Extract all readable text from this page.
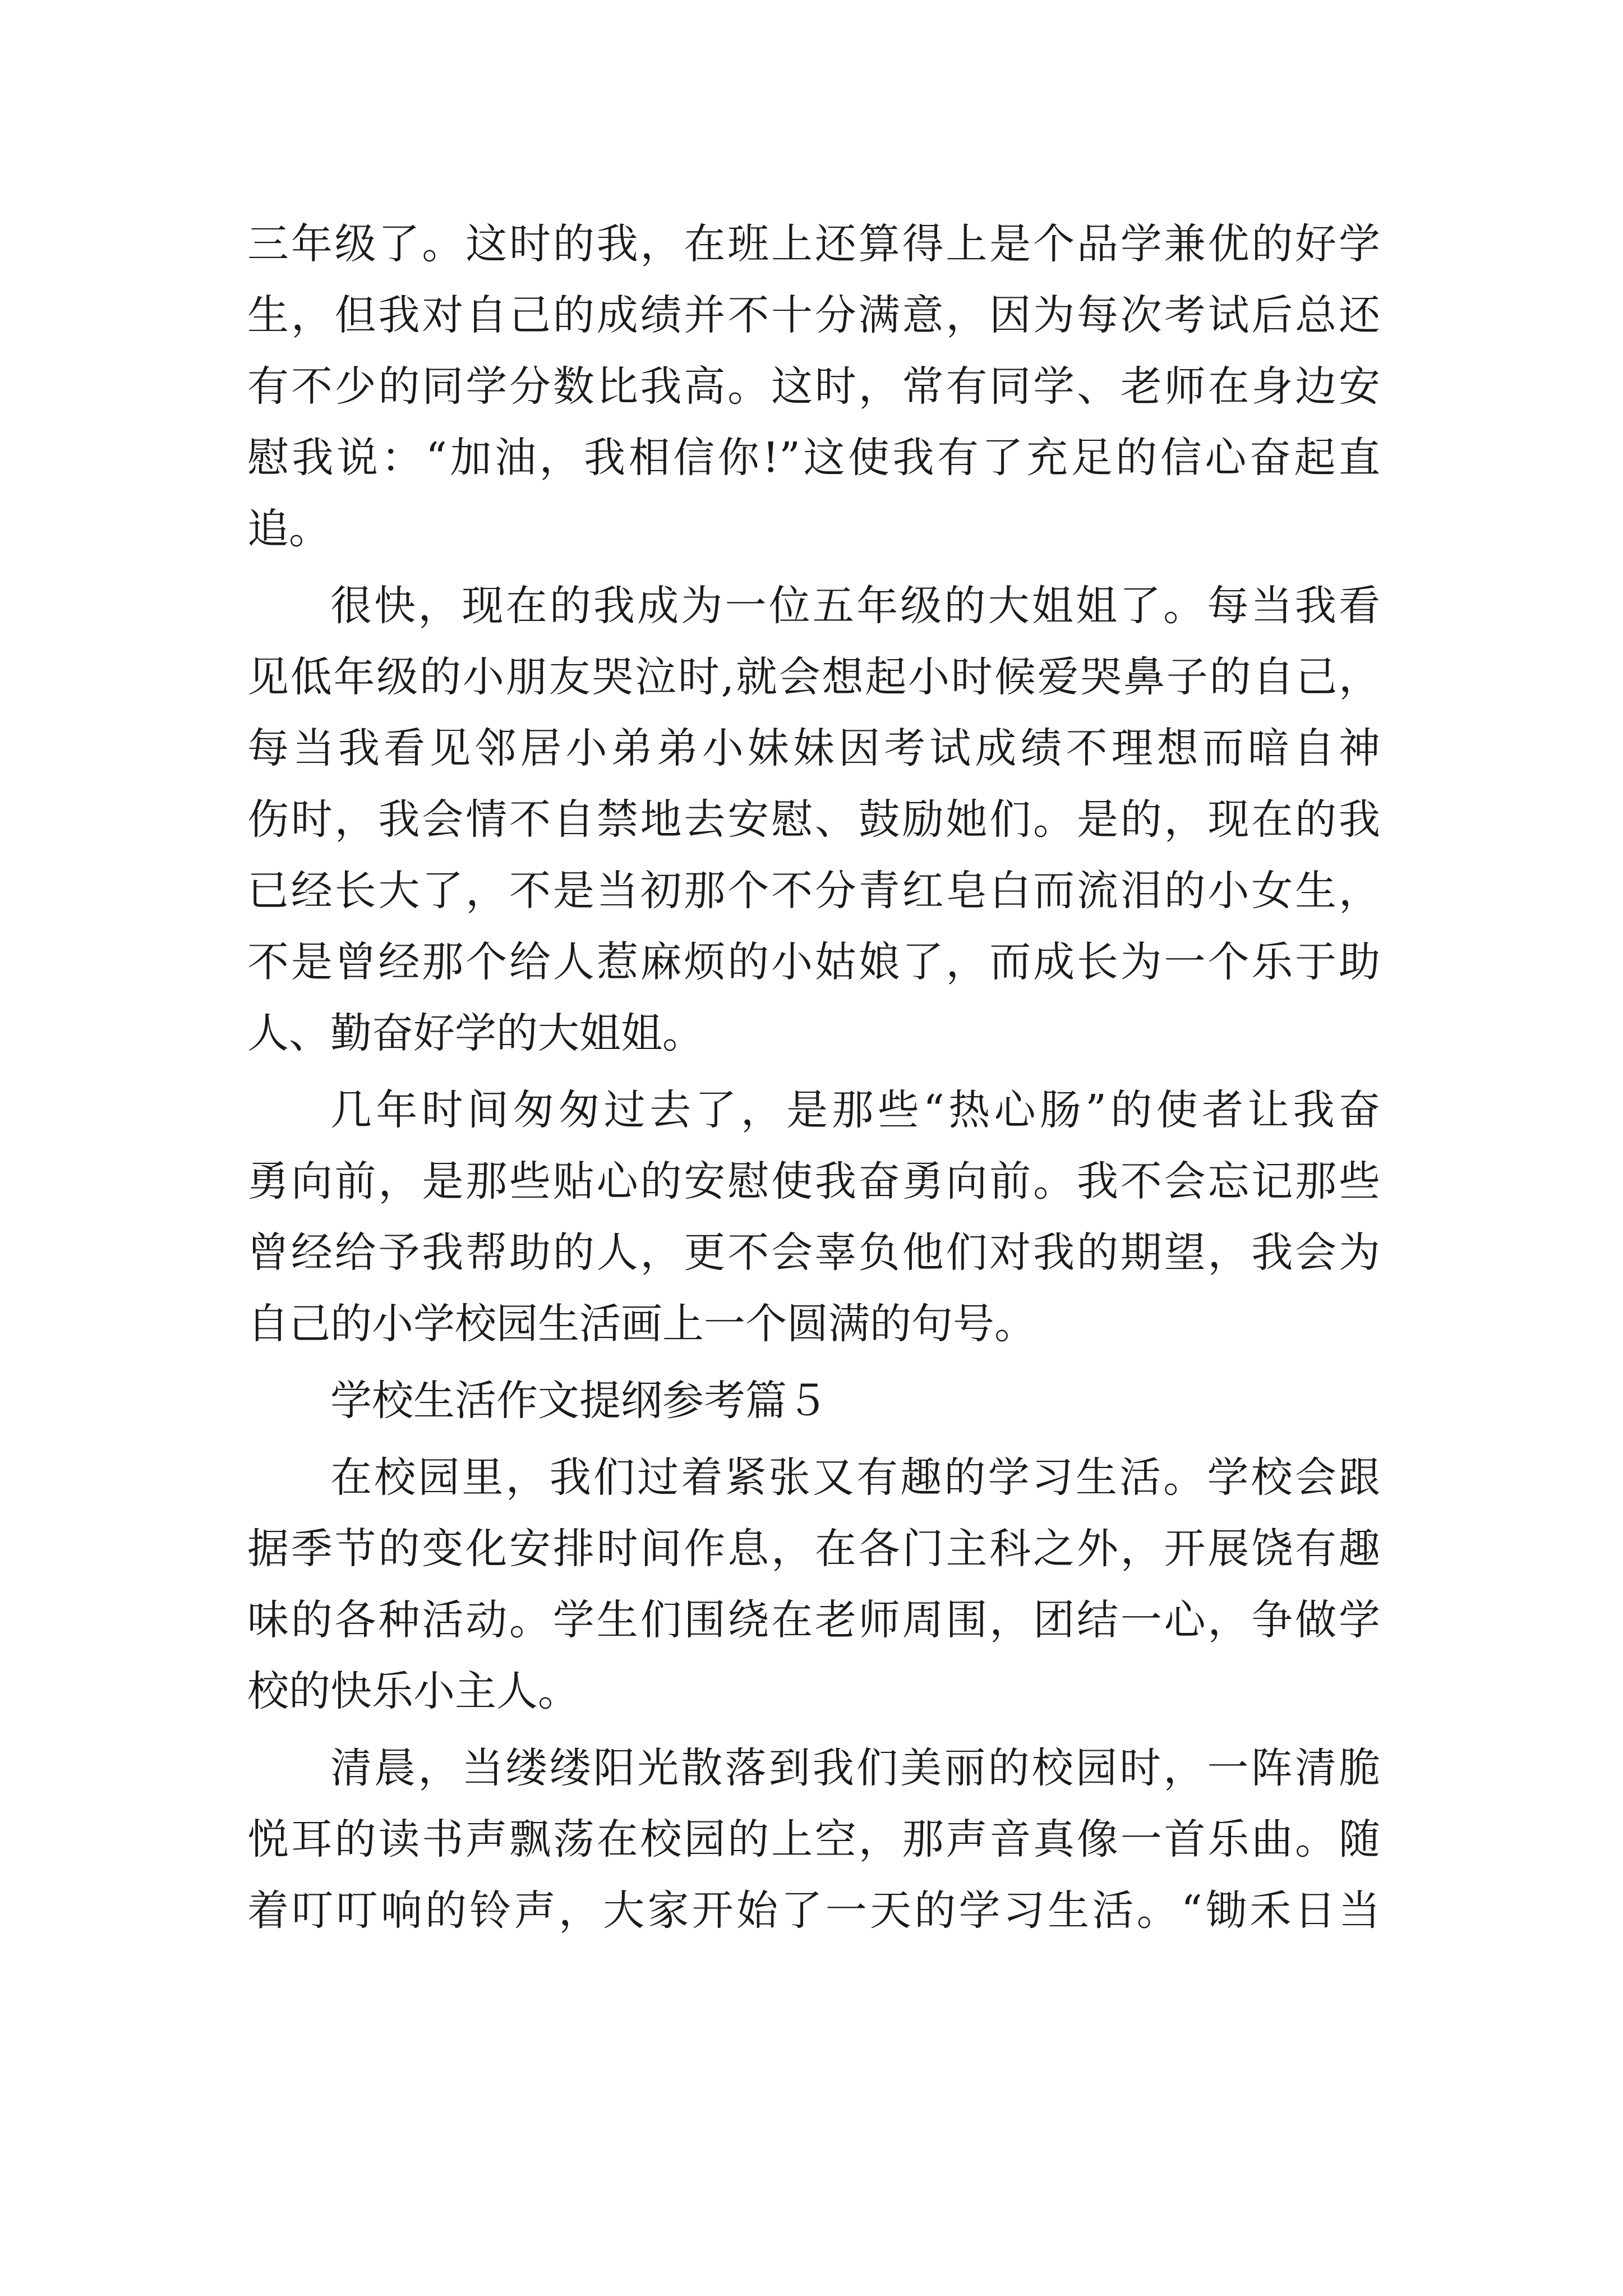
三年级了。这时的我，在班上还算得上是个品学兼优的好学
生，但我对自己的成绩并不十分满意，因为每次考试后总还
有不少的同学分数比我高。这时，常有同学、老师在身边安
慰我说：“加油，我相信你!”这使我有了充足的信心奋起直
追。
很快，现在的我成为一位五年级的大姐姐了。每当我看
见低年级的小朋友哭泣时,就会想起小时候爱哭鼻子的自己，
每当我看见邻居小弟弟小妹妹因考试成绩不理想而暗自神
伤时，我会情不自禁地去安慰、鼓励她们。是的，现在的我
已经长大了，不是当初那个不分青红皂白而流泪的小女生，
不是曾经那个给人惹麻烦的小姑娘了，而成长为一个乐于助
人、勤奋好学的大姐姐。
几年时间匆匆过去了，是那些“热心肠”的使者让我奋
勇向前，是那些贴心的安慰使我奋勇向前。我不会忘记那些
曾经给予我帮助的人，更不会辜负他们对我的期望，我会为
自己的小学校园生活画上一个圆满的句号。
学校生活作文提纲参考篇５
在校园里，我们过着紧张又有趣的学习生活。学校会跟
据季节的变化安排时间作息，在各门主科之外，开展饶有趣
味的各种活动。学生们围绕在老师周围，团结一心，争做学
校的快乐小主人。
清晨，当缕缕阳光散落到我们美丽的校园时，一阵清脆
悦耳的读书声飘荡在校园的上空，那声音真像一首乐曲。随
着叮叮响的铃声，大家开始了一天的学习生活。“锄禾日当
